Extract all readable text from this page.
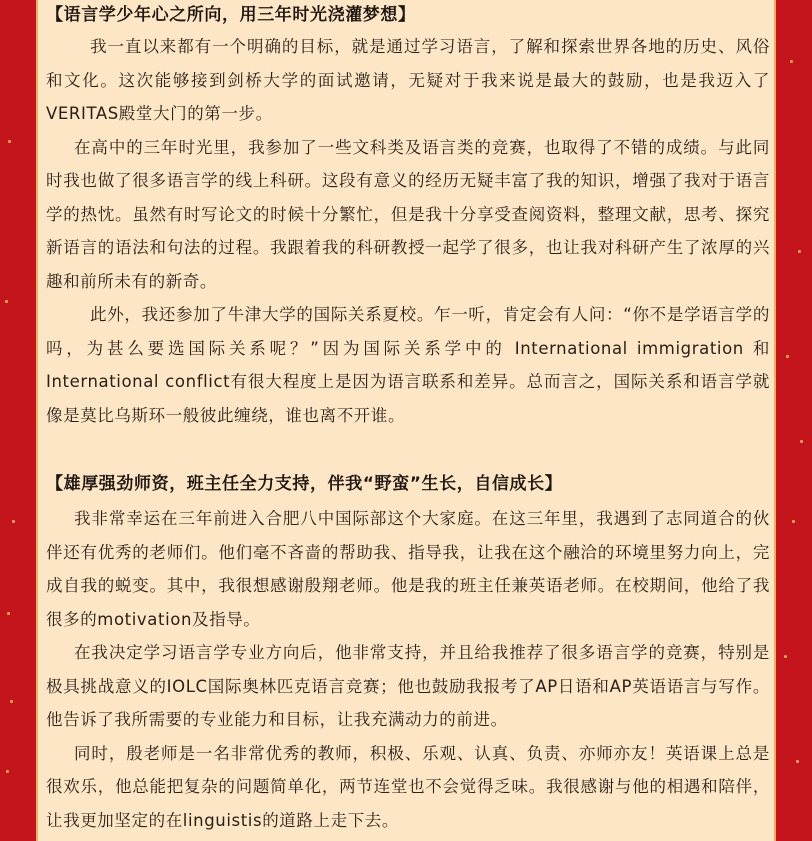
【语言学少年心之所向，用三年时光浇灌梦想】

我一直以来都有一个明确的目标，就是通过学习语言，了解和探索世界各地的历史、风俗和文化。这次能够接到剑桥大学的面试邀请，无疑对于我来说是最大的鼓励，也是我迈入了VERITAS殿堂大门的第一步。

在高中的三年时光里，我参加了一些文科类及语言类的竞赛，也取得了不错的成绩。与此同时我也做了很多语言学的线上科研。这段有意义的经历无疑丰富了我的知识，增强了我对于语言学的热忱。虽然有时写论文的时候十分繁忙，但是我十分享受查阅资料，整理文献，思考、探究新语言的语法和句法的过程。我跟着我的科研教授一起学了很多，也让我对科研产生了浓厚的兴趣和前所未有的新奇。

此外，我还参加了牛津大学的国际关系夏校。乍一听，肯定会有人问：“你不是学语言学的吗，为甚么要选国际关系呢？”因为国际关系学中的 International immigration 和International conflict有很大程度上是因为语言联系和差异。总而言之，国际关系和语言学就像是莫比乌斯环一般彼此缠绕，谁也离不开谁。

【雄厚强劲师资，班主任全力支持，伴我“野蛮”生长，自信成长】

我非常幸运在三年前进入合肥八中国际部这个大家庭。在这三年里，我遇到了志同道合的伙伴还有优秀的老师们。他们毫不吝啬的帮助我、指导我，让我在这个融洽的环境里努力向上，完成自我的蜕变。其中，我很想感谢殷翔老师。他是我的班主任兼英语老师。在校期间，他给了我很多的motivation及指导。

在我决定学习语言学专业方向后，他非常支持，并且给我推荐了很多语言学的竞赛，特别是极具挑战意义的IOLC国际奥林匹克语言竞赛；他也鼓励我报考了AP日语和AP英语语言与写作。他告诉了我所需要的专业能力和目标，让我充满动力的前进。

同时，殷老师是一名非常优秀的教师，积极、乐观、认真、负责、亦师亦友！英语课上总是很欢乐，他总能把复杂的问题简单化，两节连堂也不会觉得乏味。我很感谢与他的相遇和陪伴，让我更加坚定的在linguistis的道路上走下去。
